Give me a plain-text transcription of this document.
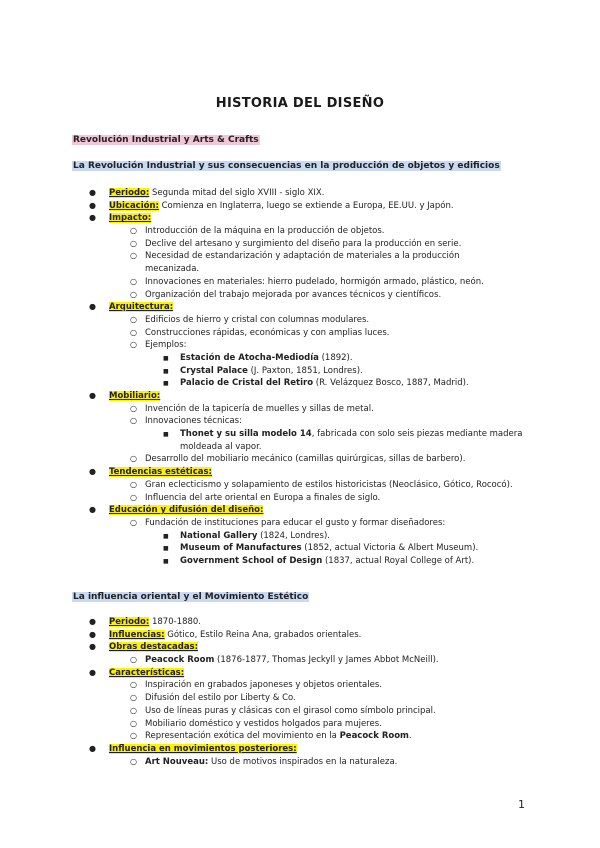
HISTORIA DEL DISEÑO
Revolución Industrial y Arts & Crafts
La Revolución Industrial y sus consecuencias en la producción de objetos y edificios
● Periodo: Segunda mitad del siglo XVIII - siglo XIX.
● Ubicación: Comienza en Inglaterra, luego se extiende a Europa, EE.UU. y Japón.
● Impacto:
○ Introducción de la máquina en la producción de objetos.
○ Declive del artesano y surgimiento del diseño para la producción en serie.
○ Necesidad de estandarización y adaptación de materiales a la producción
mecanizada.
○ Innovaciones en materiales: hierro pudelado, hormigón armado, plástico, neón.
○ Organización del trabajo mejorada por avances técnicos y científicos.
● Arquitectura:
○ Edificios de hierro y cristal con columnas modulares.
○ Construcciones rápidas, económicas y con amplias luces.
○ Ejemplos:
■ Estación de Atocha-Mediodía (1892).
■ Crystal Palace (J. Paxton, 1851, Londres).
■ Palacio de Cristal del Retiro (R. Velázquez Bosco, 1887, Madrid).
● Mobiliario:
○ Invención de la tapicería de muelles y sillas de metal.
○ Innovaciones técnicas:
■ Thonet y su silla modelo 14, fabricada con solo seis piezas mediante madera
moldeada al vapor.
○ Desarrollo del mobiliario mecánico (camillas quirúrgicas, sillas de barbero).
● Tendencias estéticas:
○ Gran eclecticismo y solapamiento de estilos historicistas (Neoclásico, Gótico, Rococó).
○ Influencia del arte oriental en Europa a finales de siglo.
● Educación y difusión del diseño:
○ Fundación de instituciones para educar el gusto y formar diseñadores:
■ National Gallery (1824, Londres).
■ Museum of Manufactures (1852, actual Victoria & Albert Museum).
■ Government School of Design (1837, actual Royal College of Art).
La influencia oriental y el Movimiento Estético
● Periodo: 1870-1880.
● Influencias: Gótico, Estilo Reina Ana, grabados orientales.
● Obras destacadas:
○ Peacock Room (1876-1877, Thomas Jeckyll y James Abbot McNeill).
● Características:
○ Inspiración en grabados japoneses y objetos orientales.
○ Difusión del estilo por Liberty & Co.
○ Uso de líneas puras y clásicas con el girasol como símbolo principal.
○ Mobiliario doméstico y vestidos holgados para mujeres.
○ Representación exótica del movimiento en la Peacock Room.
● Influencia en movimientos posteriores:
○ Art Nouveau: Uso de motivos inspirados en la naturaleza.
1
